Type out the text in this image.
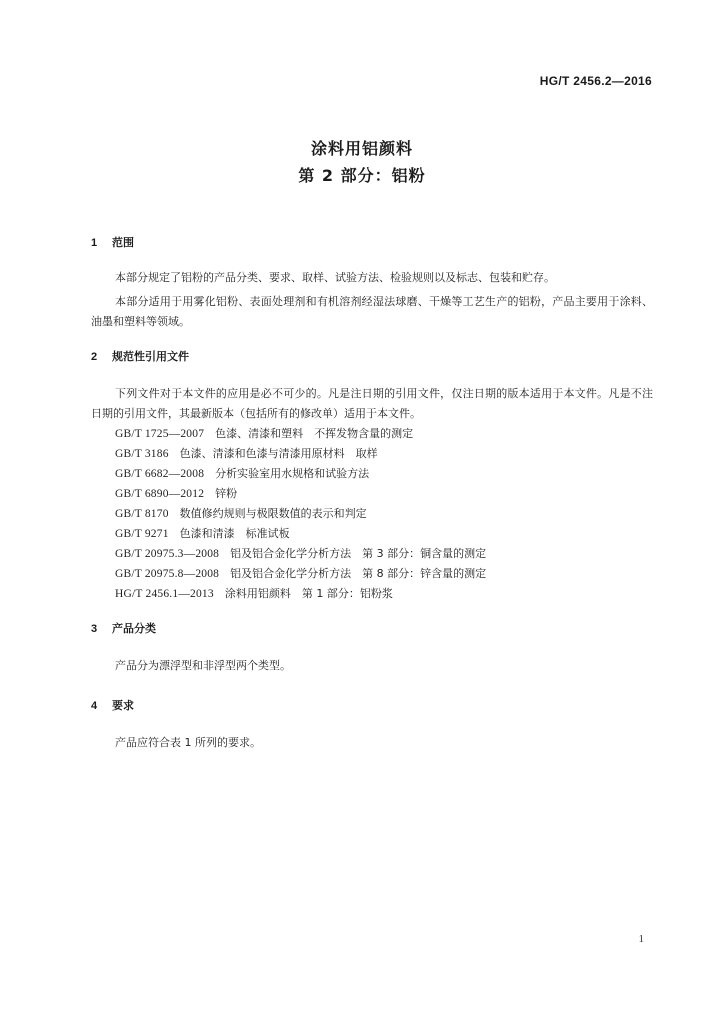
HG/T 2456.2—2016
涂料用铝颜料
第 2 部分：铝粉
1 范围
本部分规定了铝粉的产品分类、要求、取样、试验方法、检验规则以及标志、包装和贮存。
本部分适用于用雾化铝粉、表面处理剂和有机溶剂经湿法球磨、干燥等工艺生产的铝粉，产品主要用于涂料、油墨和塑料等领域。
2 规范性引用文件
下列文件对于本文件的应用是必不可少的。凡是注日期的引用文件，仅注日期的版本适用于本文件。凡是不注日期的引用文件，其最新版本（包括所有的修改单）适用于本文件。
GB/T 1725—2007　 色漆、清漆和塑料　不挥发物含量的测定
GB/T 3186　 色漆、清漆和色漆与清漆用原材料　取样
GB/T 6682—2008　 分析实验室用水规格和试验方法
GB/T 6890—2012　 锌粉
GB/T 8170　 数值修约规则与极限数值的表示和判定
GB/T 9271　 色漆和清漆　标准试板
GB/T 20975.3—2008　 铝及铝合金化学分析方法　第 3 部分：铜含量的测定
GB/T 20975.8—2008　 铝及铝合金化学分析方法　第 8 部分：锌含量的测定
HG/T 2456.1—2013　 涂料用铝颜料　第 1 部分：铝粉浆
3 产品分类
产品分为漂浮型和非浮型两个类型。
4 要求
产品应符合表 1 所列的要求。
1
